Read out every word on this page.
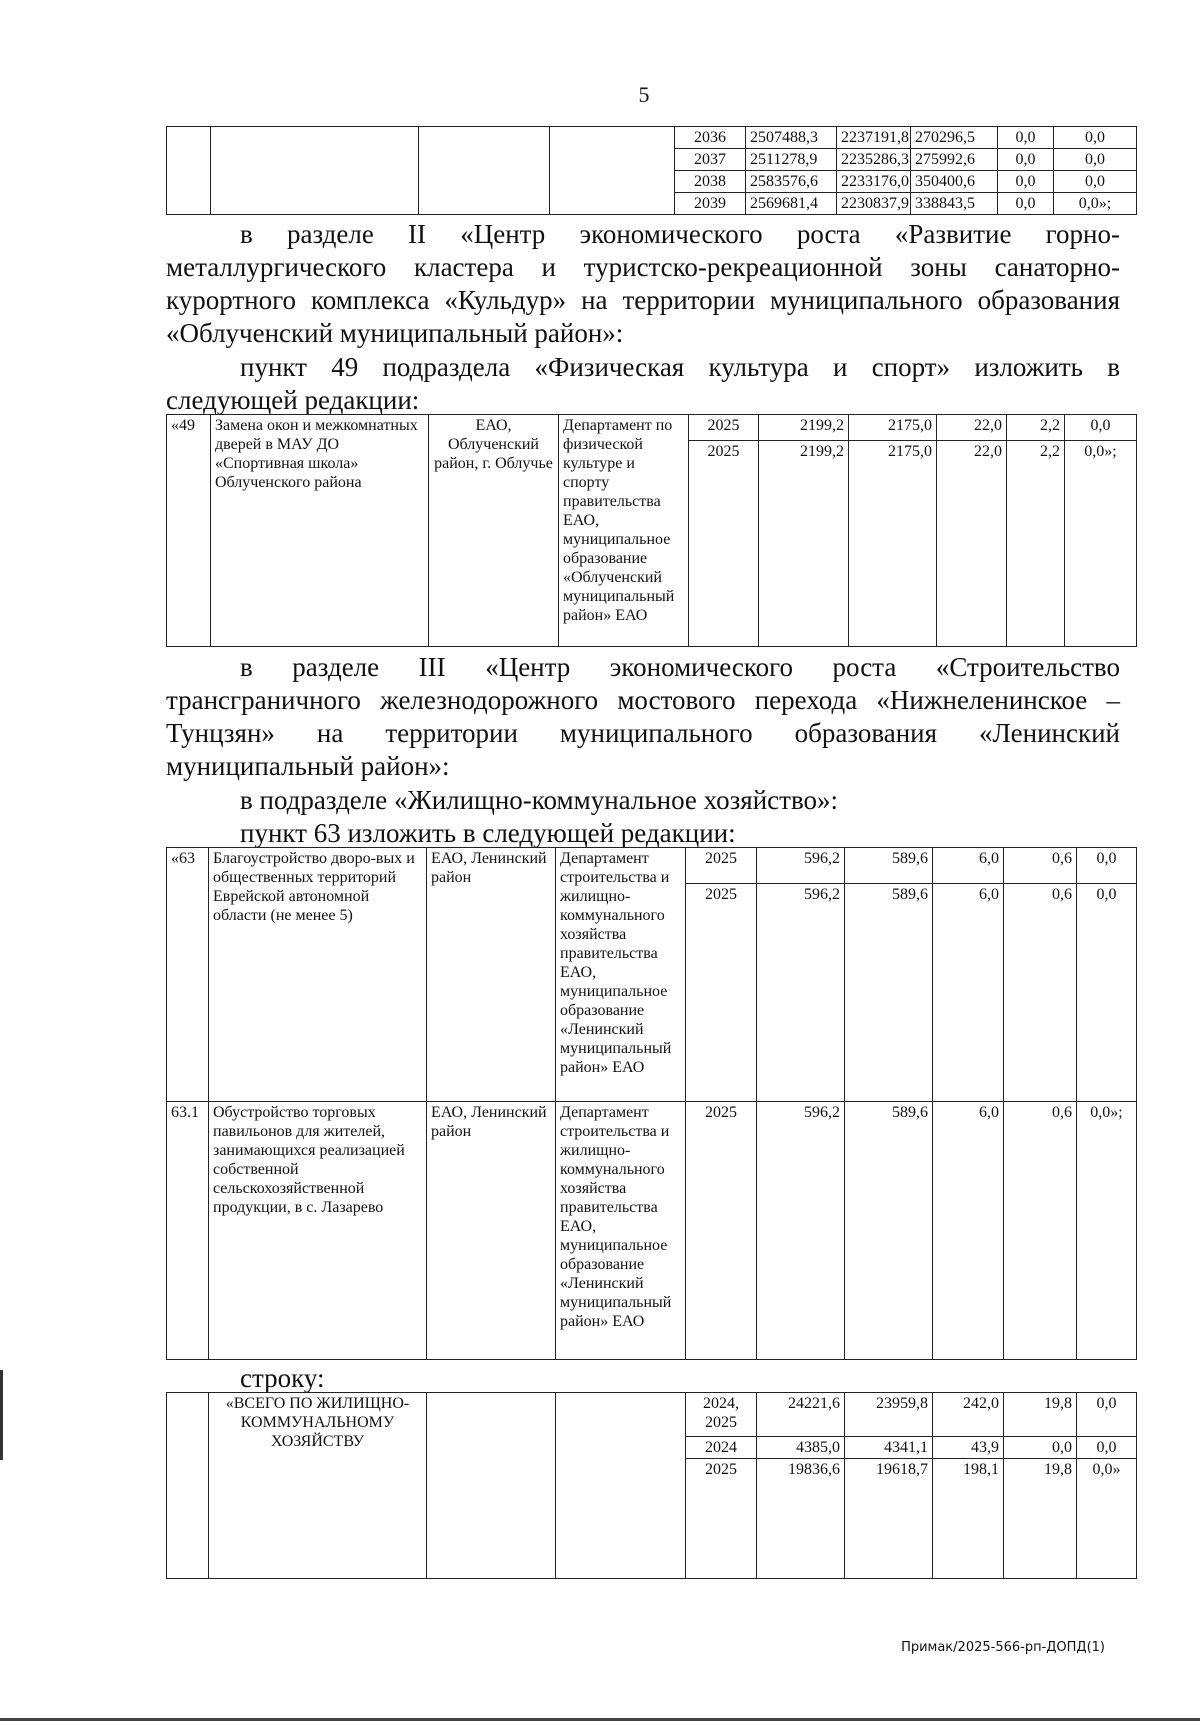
5
				2036	2507488,3	2237191,8	270296,5	0,0	0,0
				2037	2511278,9	2235286,3	275992,6	0,0	0,0
				2038	2583576,6	2233176,0	350400,6	0,0	0,0
				2039	2569681,4	2230837,9	338843,5	0,0	0,0»;
в разделе II «Центр экономического роста «Развитие горно-металлургического кластера и туристско-рекреационной зоны санаторно-курортного комплекса «Кульдур» на территории муниципального образования «Облученский муниципальный район»:
пункт 49 подраздела «Физическая культура и спорт» изложить в
следующей редакции:
«49	Замена окон и межкомнатных дверей в МАУ ДО «Спортивная школа» Облученского района	ЕАО, Облученский район, г. Облучье	Департамент по физической культуре и спорту правительства ЕАО, муниципальное образование «Облученский муниципальный район» ЕАО	2025	2199,2	2175,0	22,0	2,2	0,0
				2025	2199,2	2175,0	22,0	2,2	0,0»;
в разделе III «Центр экономического роста «Строительство трансграничного железнодорожного мостового перехода «Нижнеленинское – Тунцзян» на территории муниципального образования «Ленинский муниципальный район»:
в подразделе «Жилищно-коммунальное хозяйство»:
пункт 63 изложить в следующей редакции:
«63	Благоустройство дворо-вых и общественных территорий Еврейской автономной области (не менее 5)	ЕАО, Ленинский район	Департамент строительства и жилищно-коммунального хозяйства правительства ЕАО, муниципальное образование «Ленинский муниципальный район» ЕАО	2025	596,2	589,6	6,0	0,6	0,0
				2025	596,2	589,6	6,0	0,6	0,0
63.1	Обустройство торговых павильонов для жителей, занимающихся реализацией собственной сельскохозяйственной продукции, в с. Лазарево	ЕАО, Ленинский район	Департамент строительства и жилищно-коммунального хозяйства правительства ЕАО, муниципальное образование «Ленинский муниципальный район» ЕАО	2025	596,2	589,6	6,0	0,6	0,0»;
строку:
	«ВСЕГО ПО ЖИЛИЩНО-КОММУНАЛЬНОМУ ХОЗЯЙСТВУ			2024, 2025	24221,6	23959,8	242,0	19,8	0,0
				2024	4385,0	4341,1	43,9	0,0	0,0
				2025	19836,6	19618,7	198,1	19,8	0,0»
Примак/2025-566-рп-ДОПД(1)
